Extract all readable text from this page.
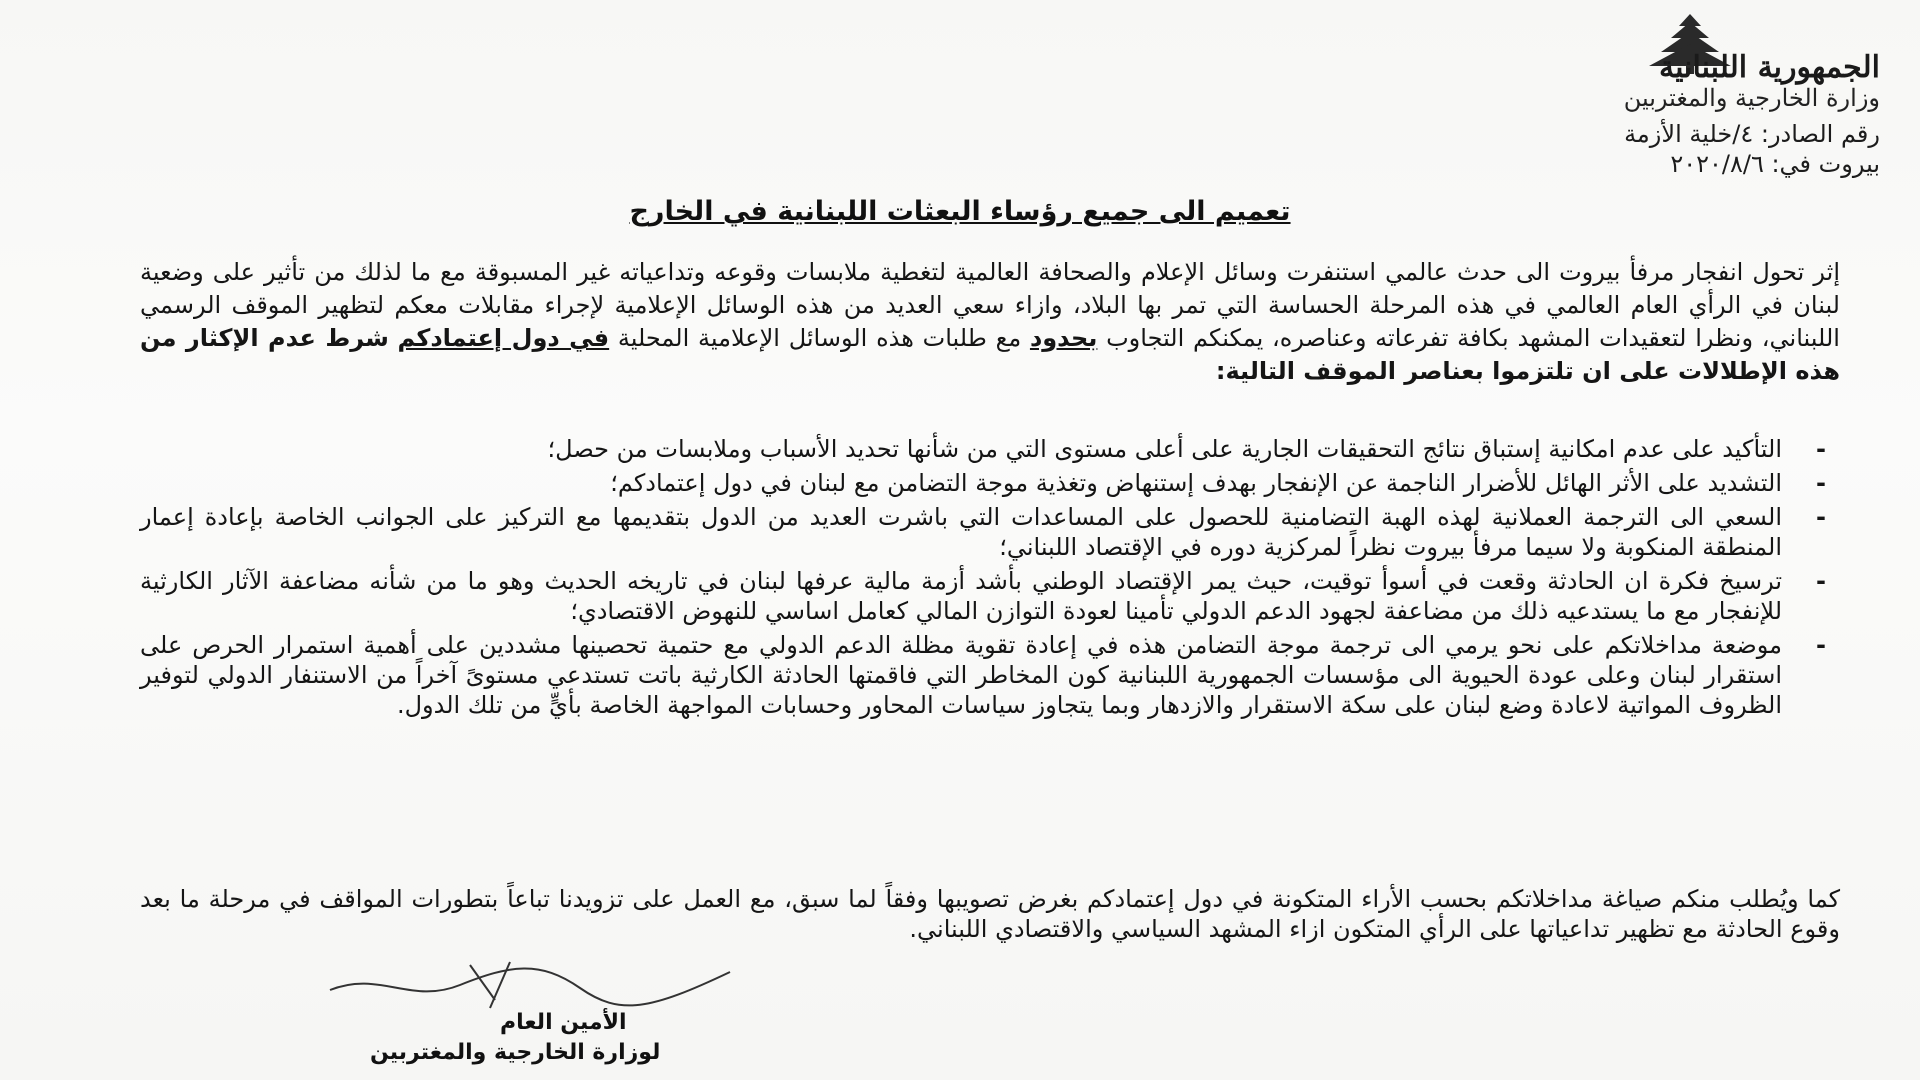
الجمهورية اللبنانية
وزارة الخارجية والمغتربين
رقم الصادر: ٤/خلية الأزمة
بيروت في: ٢٠٢٠/٨/٦
تعميم الى جميع رؤساء البعثات اللبنانية في الخارج
إثر تحول انفجار مرفأ بيروت الى حدث عالمي استنفرت وسائل الإعلام والصحافة العالمية لتغطية ملابسات وقوعه وتداعياته غير المسبوقة مع ما لذلك من تأثير على وضعية لبنان في الرأي العام العالمي في هذه المرحلة الحساسة التي تمر بها البلاد، وازاء سعي العديد من هذه الوسائل الإعلامية لإجراء مقابلات معكم لتظهير الموقف الرسمي اللبناني، ونظرا لتعقيدات المشهد بكافة تفرعاته وعناصره، يمكنكم التجاوب بحدود مع طلبات هذه الوسائل الإعلامية المحلية في دول إعتمادكم شرط عدم الإكثار من هذه الإطلالات على ان تلتزموا بعناصر الموقف التالية:
-
التأكيد على عدم امكانية إستباق نتائج التحقيقات الجارية على أعلى مستوى التي من شأنها تحديد الأسباب وملابسات من حصل؛
-
التشديد على الأثر الهائل للأضرار الناجمة عن الإنفجار بهدف إستنهاض وتغذية موجة التضامن مع لبنان في دول إعتمادكم؛
-
السعي الى الترجمة العملانية لهذه الهبة التضامنية للحصول على المساعدات التي باشرت العديد من الدول بتقديمها مع التركيز على الجوانب الخاصة بإعادة إعمار المنطقة المنكوبة ولا سيما مرفأ بيروت نظراً لمركزية دوره في الإقتصاد اللبناني؛
-
ترسيخ فكرة ان الحادثة وقعت في أسوأ توقيت، حيث يمر الإقتصاد الوطني بأشد أزمة مالية عرفها لبنان في تاريخه الحديث وهو ما من شأنه مضاعفة الآثار الكارثية للإنفجار مع ما يستدعيه ذلك من مضاعفة لجهود الدعم الدولي تأمينا لعودة التوازن المالي كعامل اساسي للنهوض الاقتصادي؛
-
موضعة مداخلاتكم على نحو يرمي الى ترجمة موجة التضامن هذه في إعادة تقوية مظلة الدعم الدولي مع حتمية تحصينها مشددين على أهمية استمرار الحرص على استقرار لبنان وعلى عودة الحيوية الى مؤسسات الجمهورية اللبنانية كون المخاطر التي فاقمتها الحادثة الكارثية باتت تستدعي مستوىً آخراً من الاستنفار الدولي لتوفير الظروف المواتية لاعادة وضع لبنان على سكة الاستقرار والازدهار وبما يتجاوز سياسات المحاور وحسابات المواجهة الخاصة بأيٍّ من تلك الدول.
كما ويُطلب منكم صياغة مداخلاتكم بحسب الأراء المتكونة في دول إعتمادكم بغرض تصويبها وفقاً لما سبق، مع العمل على تزويدنا تباعاً بتطورات المواقف في مرحلة ما بعد وقوع الحادثة مع تظهير تداعياتها على الرأي المتكون ازاء المشهد السياسي والاقتصادي اللبناني.
الأمين العام
لوزارة الخارجية والمغتربين
